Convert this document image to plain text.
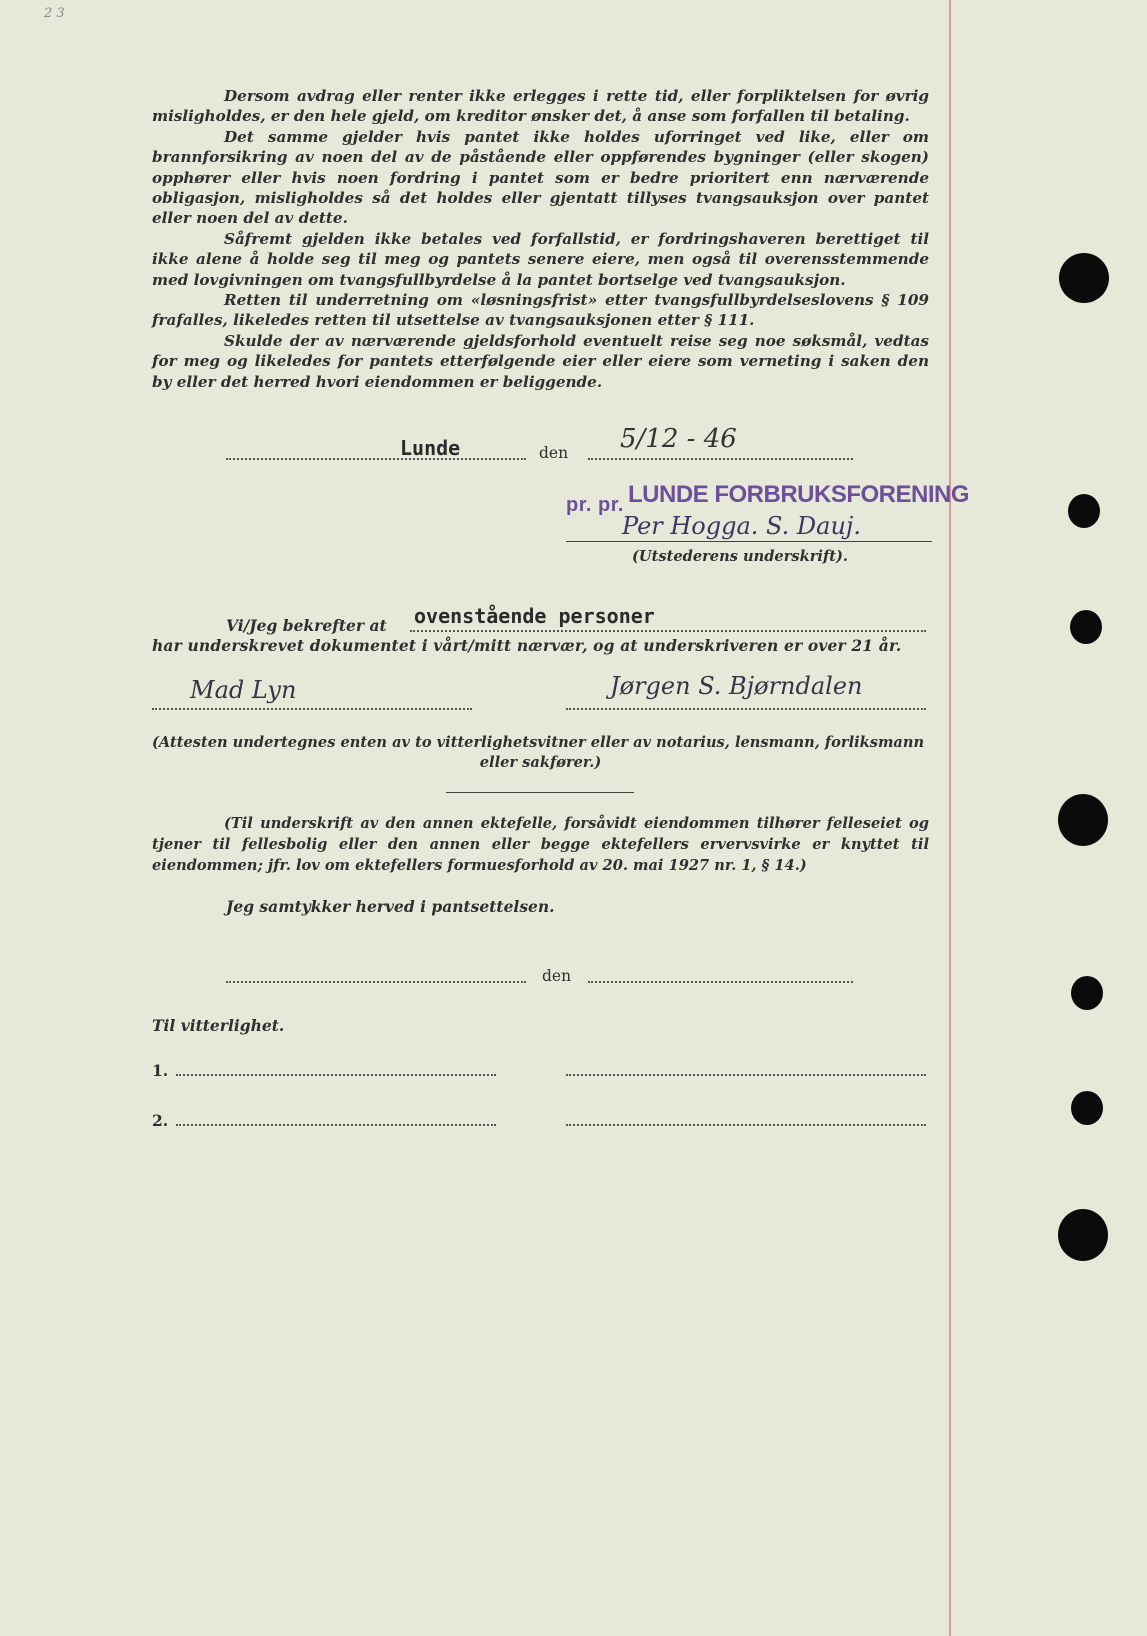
2 3

Dersom avdrag eller renter ikke erlegges i rette tid, eller forpliktelsen for øvrig misligholdes, er den hele gjeld, om kreditor ønsker det, å anse som forfallen til betaling.

Det samme gjelder hvis pantet ikke holdes uforringet ved like, eller om brannforsikring av noen del av de påstående eller oppførendes bygninger (eller skogen) opphører eller hvis noen fordring i pantet som er bedre prioritert enn nærværende obligasjon, misligholdes så det holdes eller gjentatt tillyses tvangsauksjon over pantet eller noen del av dette.

Såfremt gjelden ikke betales ved forfallstid, er fordringshaveren berettiget til ikke alene å holde seg til meg og pantets senere eiere, men også til overensstemmende med lovgivningen om tvangsfullbyrdelse å la pantet bortselge ved tvangsauksjon.

Retten til underretning om «løsningsfrist» etter tvangsfullbyrdelseslovens § 109 frafalles, likeledes retten til utsettelse av tvangsauksjonen etter § 111.

Skulde der av nærværende gjeldsforhold eventuelt reise seg noe søksmål, vedtas for meg og likeledes for pantets etterfølgende eier eller eiere som verneting i saken den by eller det herred hvori eiendommen er beliggende.

Lunde	den 5/12 - 46
pr. pr. LUNDE FORBRUKSFORENING
Per Hogga. S. Dauj.
(Utstederens underskrift).
Vi/Jeg bekrefter at ovenstående personer
har underskrevet dokumentet i vårt/mitt nærvær, og at underskriveren er over 21 år.
Mad Lyn	Jørgen S. Bjørndalen
(Attesten undertegnes enten av to vitterlighetsvitner eller av notarius, lensmann, forliksmann
eller sakfører.)

(Til underskrift av den annen ektefelle, forsåvidt eiendommen tilhører felleseiet og tjener til fellesbolig eller den annen eller begge ektefellers ervervsvirke er knyttet til eiendommen; jfr. lov om ektefellers formuesforhold av 20. mai 1927 nr. 1, § 14.)

Jeg samtykker herved i pantsettelsen.
den
Til vitterlighet.
1.
2.
